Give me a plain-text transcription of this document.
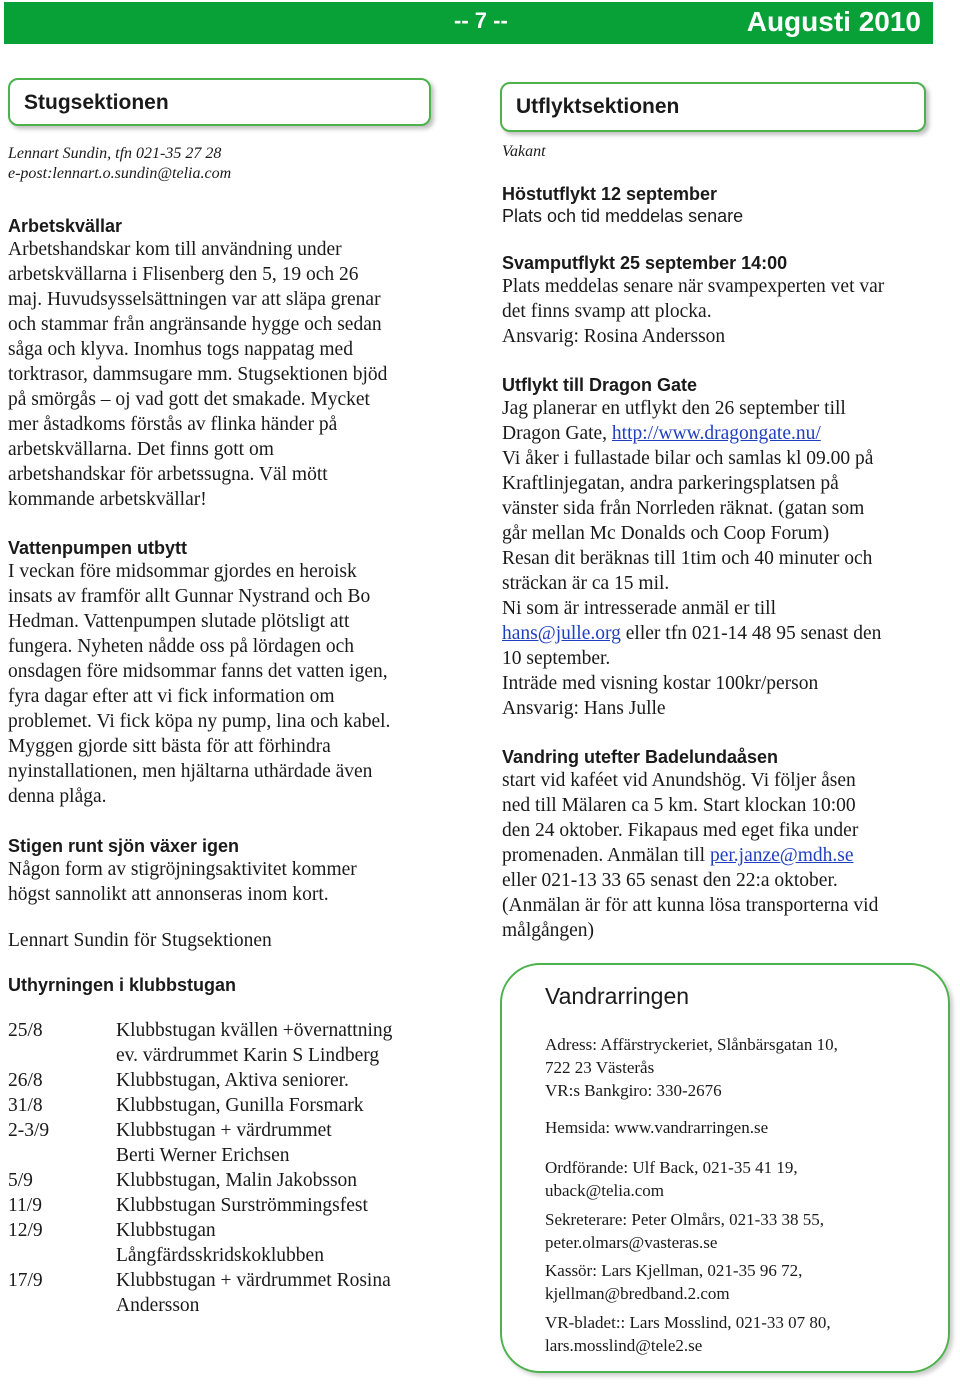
-- 7 --	Augusti 2010
Stugsektionen

Lennart Sundin, tfn 021-35 27 28

e-post:lennart.o.sundin@telia.com

Arbetskvällar

Arbetshandskar kom till användning under

arbetskvällarna i Flisenberg den 5, 19 och 26

maj. Huvudsysselsättningen var att släpa grenar

och stammar från angränsande hygge och sedan

såga och klyva. Inomhus togs nappatag med

torktrasor, dammsugare mm. Stugsektionen bjöd

på smörgås – oj vad gott det smakade. Mycket

mer åstadkoms förstås av flinka händer på

arbetskvällarna. Det finns gott om

arbetshandskar för arbetssugna. Väl mött

kommande arbetskvällar!

Vattenpumpen utbytt

I veckan före midsommar gjordes en heroisk

insats av framför allt Gunnar Nystrand och Bo

Hedman. Vattenpumpen slutade plötsligt att

fungera. Nyheten nådde oss på lördagen och

onsdagen före midsommar fanns det vatten igen,

fyra dagar efter att vi fick information om

problemet. Vi fick köpa ny pump, lina och kabel.

Myggen gjorde sitt bästa för att förhindra

nyinstallationen, men hjältarna uthärdade även

denna plåga.

Stigen runt sjön växer igen

Någon form av stigröjningsaktivitet kommer

högst sannolikt att annonseras inom kort.

Lennart Sundin för Stugsektionen
Uthyrningen i klubbstugan
25/8	Klubbstugan kvällen +övernattning
ev. värdrummet Karin S Lindberg

26/8	Klubbstugan, Aktiva seniorer.
31/8	Klubbstugan, Gunilla Forsmark
2-3/9	Klubbstugan + värdrummet
Berti Werner Erichsen

5/9	Klubbstugan, Malin Jakobsson
11/9	Klubbstugan Surströmmingsfest
12/9	Klubbstugan
Långfärdsskridskoklubben

17/9	Klubbstugan + värdrummet Rosina
Andersson
Utflyktsektionen
Vakant
Höstutflykt 12 september
Plats och tid meddelas senare
Svamputflykt 25 september 14:00

Plats meddelas senare när svampexperten vet var

det finns svamp att plocka.

Ansvarig: Rosina Andersson

Utflykt till Dragon Gate

Jag planerar en utflykt den 26 september till

Dragon Gate, http://www.dragongate.nu/

Vi åker i fullastade bilar och samlas kl 09.00 på

Kraftlinjegatan, andra parkeringsplatsen på

vänster sida från Norrleden räknat. (gatan som

går mellan Mc Donalds och Coop Forum)

Resan dit beräknas till 1tim och 40 minuter och

sträckan är ca 15 mil.

Ni som är intresserade anmäl er till

hans@julle.org eller tfn 021-14 48 95 senast den

10 september.

Inträde med visning kostar 100kr/person

Ansvarig: Hans Julle

Vandring utefter Badelundaåsen

start vid kaféet vid Anundshög. Vi följer åsen

ned till Mälaren ca 5 km. Start klockan 10:00

den 24 oktober. Fikapaus med eget fika under

promenaden. Anmälan till per.janze@mdh.se

eller 021-13 33 65 senast den 22:a oktober.

(Anmälan är för att kunna lösa transporterna vid

målgången)

Vandrarringen

Adress: Affärstryckeriet, Slånbärsgatan 10,

722 23 Västerås

VR:s Bankgiro: 330-2676

Hemsida: www.vandrarringen.se

Ordförande: Ulf Back, 021-35 41 19,

uback@telia.com

Sekreterare: Peter Olmårs, 021-33 38 55,

peter.olmars@vasteras.se

Kassör: Lars Kjellman, 021-35 96 72,

kjellman@bredband.2.com

VR-bladet:: Lars Mosslind, 021-33 07 80,

lars.mosslind@tele2.se
